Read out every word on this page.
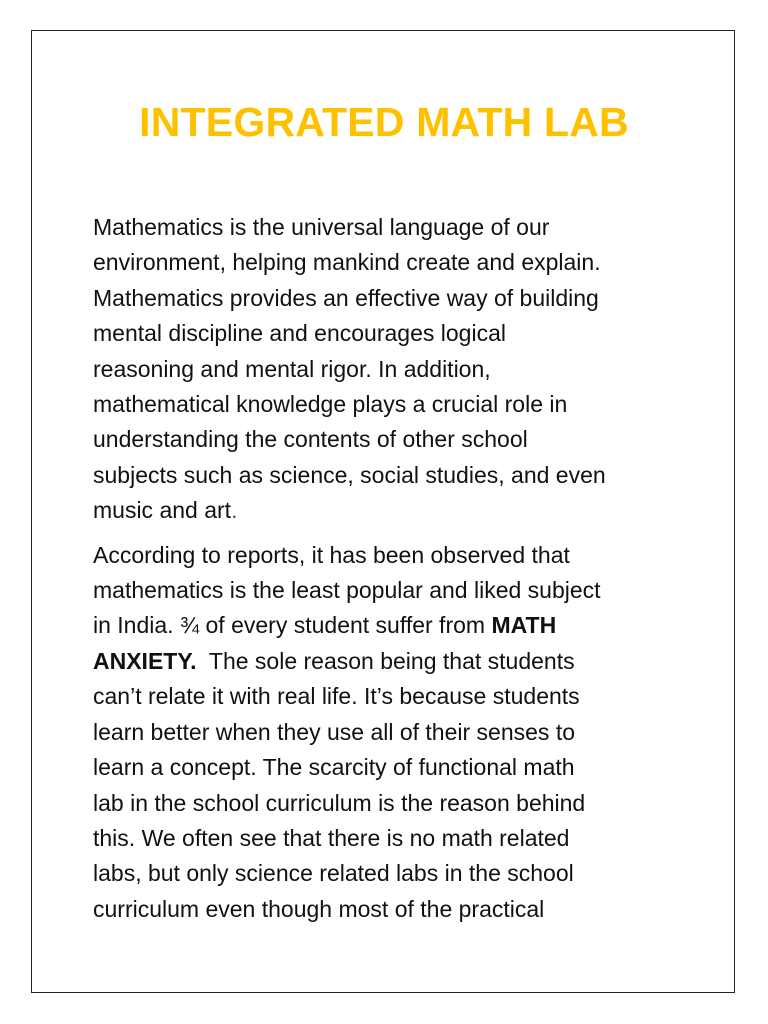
INTEGRATED MATH LAB

Mathematics is the universal language of our
environment, helping mankind create and explain.
Mathematics provides an effective way of building
mental discipline and encourages logical
reasoning and mental rigor. In addition,
mathematical knowledge plays a crucial role in
understanding the contents of other school
subjects such as science, social studies, and even
music and art.

According to reports, it has been observed that
mathematics is the least popular and liked subject
in India. ¾ of every student suffer from MATH
ANXIETY.  The sole reason being that students
can’t relate it with real life. It’s because students
learn better when they use all of their senses to
learn a concept. The scarcity of functional math
lab in the school curriculum is the reason behind
this. We often see that there is no math related
labs, but only science related labs in the school
curriculum even though most of the practical
